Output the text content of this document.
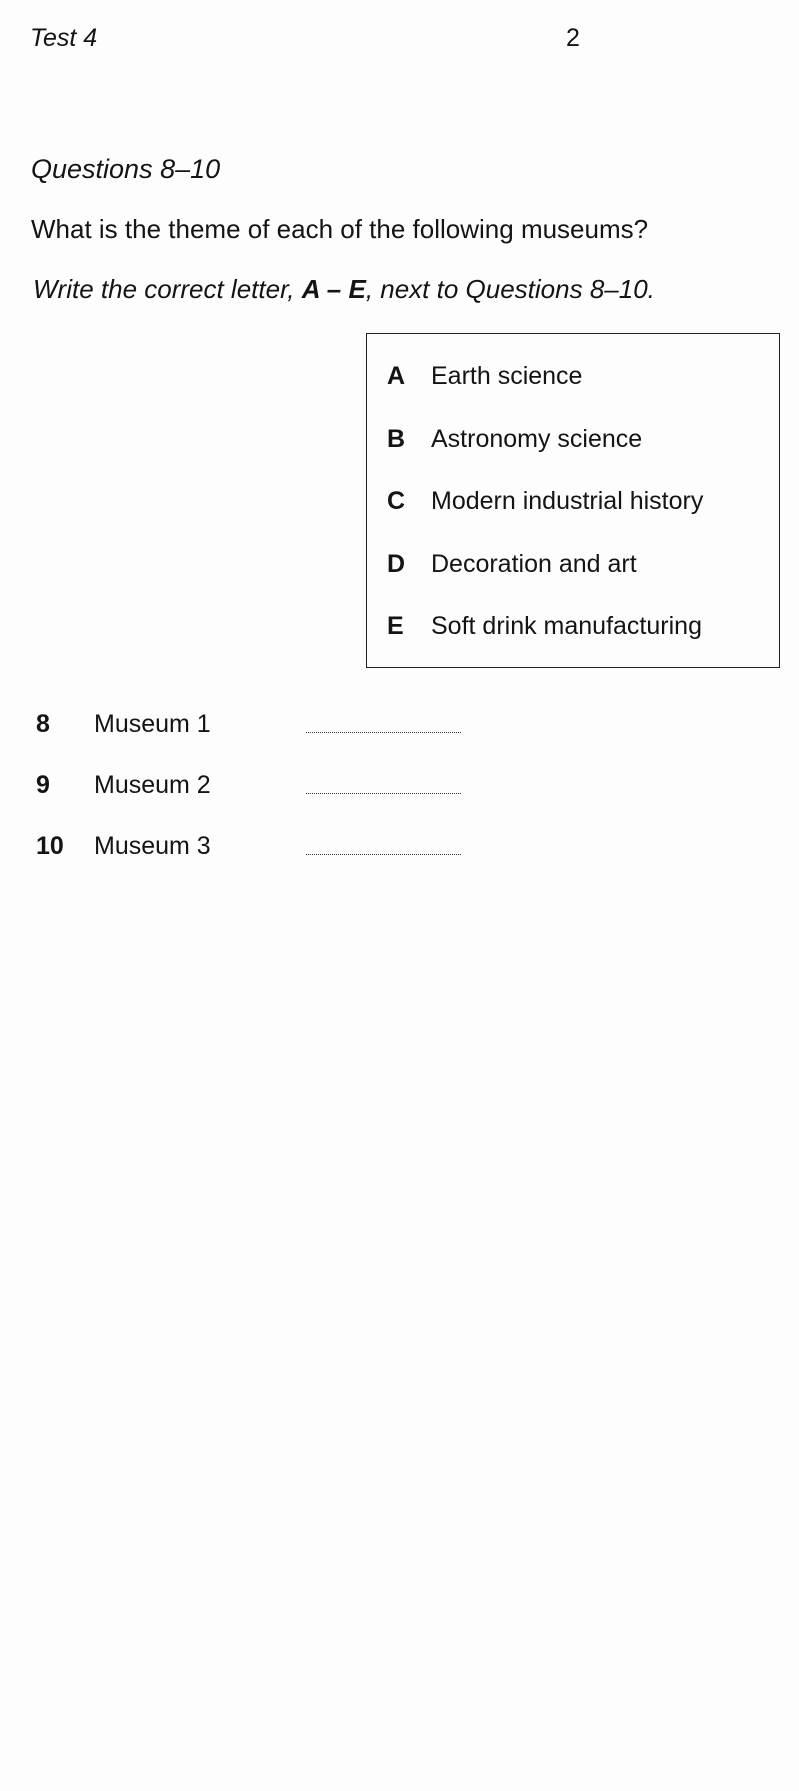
Test 4	2
Questions 8–10
What is the theme of each of the following museums?
Write the correct letter, A – E, next to Questions 8–10.
A	Earth science
B	Astronomy science
C	Modern industrial history
D	Decoration and art
E	Soft drink manufacturing
8 Museum 1
9 Museum 2
10 Museum 3
